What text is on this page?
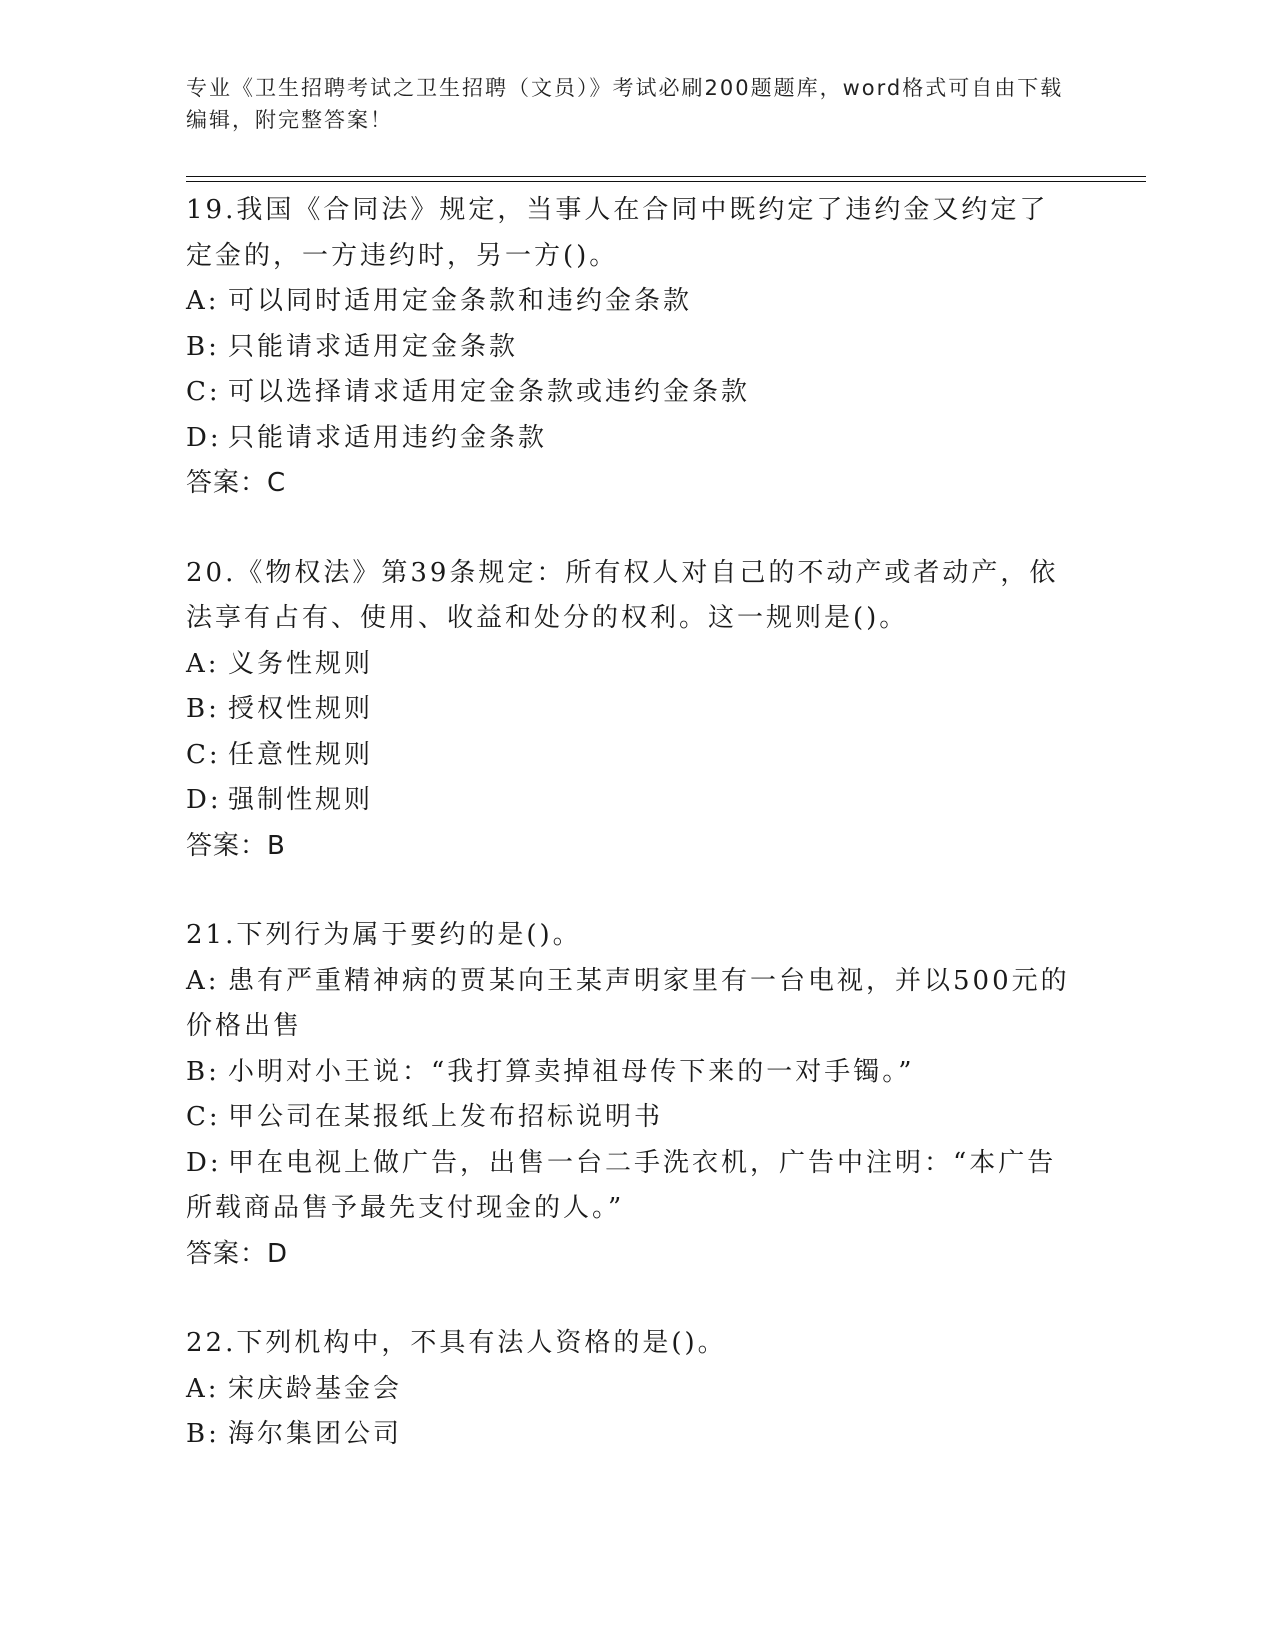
专业《卫生招聘考试之卫生招聘（文员）》考试必刷200题题库，word格式可自由下载编辑，附完整答案！
19.我国《合同法》规定，当事人在合同中既约定了违约金又约定了定金的，一方违约时，另一方()。
A: 可以同时适用定金条款和违约金条款
B: 只能请求适用定金条款
C: 可以选择请求适用定金条款或违约金条款
D: 只能请求适用违约金条款
答案：C
20.《物权法》第39条规定：所有权人对自己的不动产或者动产，依法享有占有、使用、收益和处分的权利。这一规则是()。
A: 义务性规则
B: 授权性规则
C: 任意性规则
D: 强制性规则
答案：B
21.下列行为属于要约的是()。
A: 患有严重精神病的贾某向王某声明家里有一台电视，并以500元的价格出售
B: 小明对小王说：“我打算卖掉祖母传下来的一对手镯。”
C: 甲公司在某报纸上发布招标说明书
D: 甲在电视上做广告，出售一台二手洗衣机，广告中注明：“本广告所载商品售予最先支付现金的人。”
答案：D
22.下列机构中，不具有法人资格的是()。
A: 宋庆龄基金会
B: 海尔集团公司
